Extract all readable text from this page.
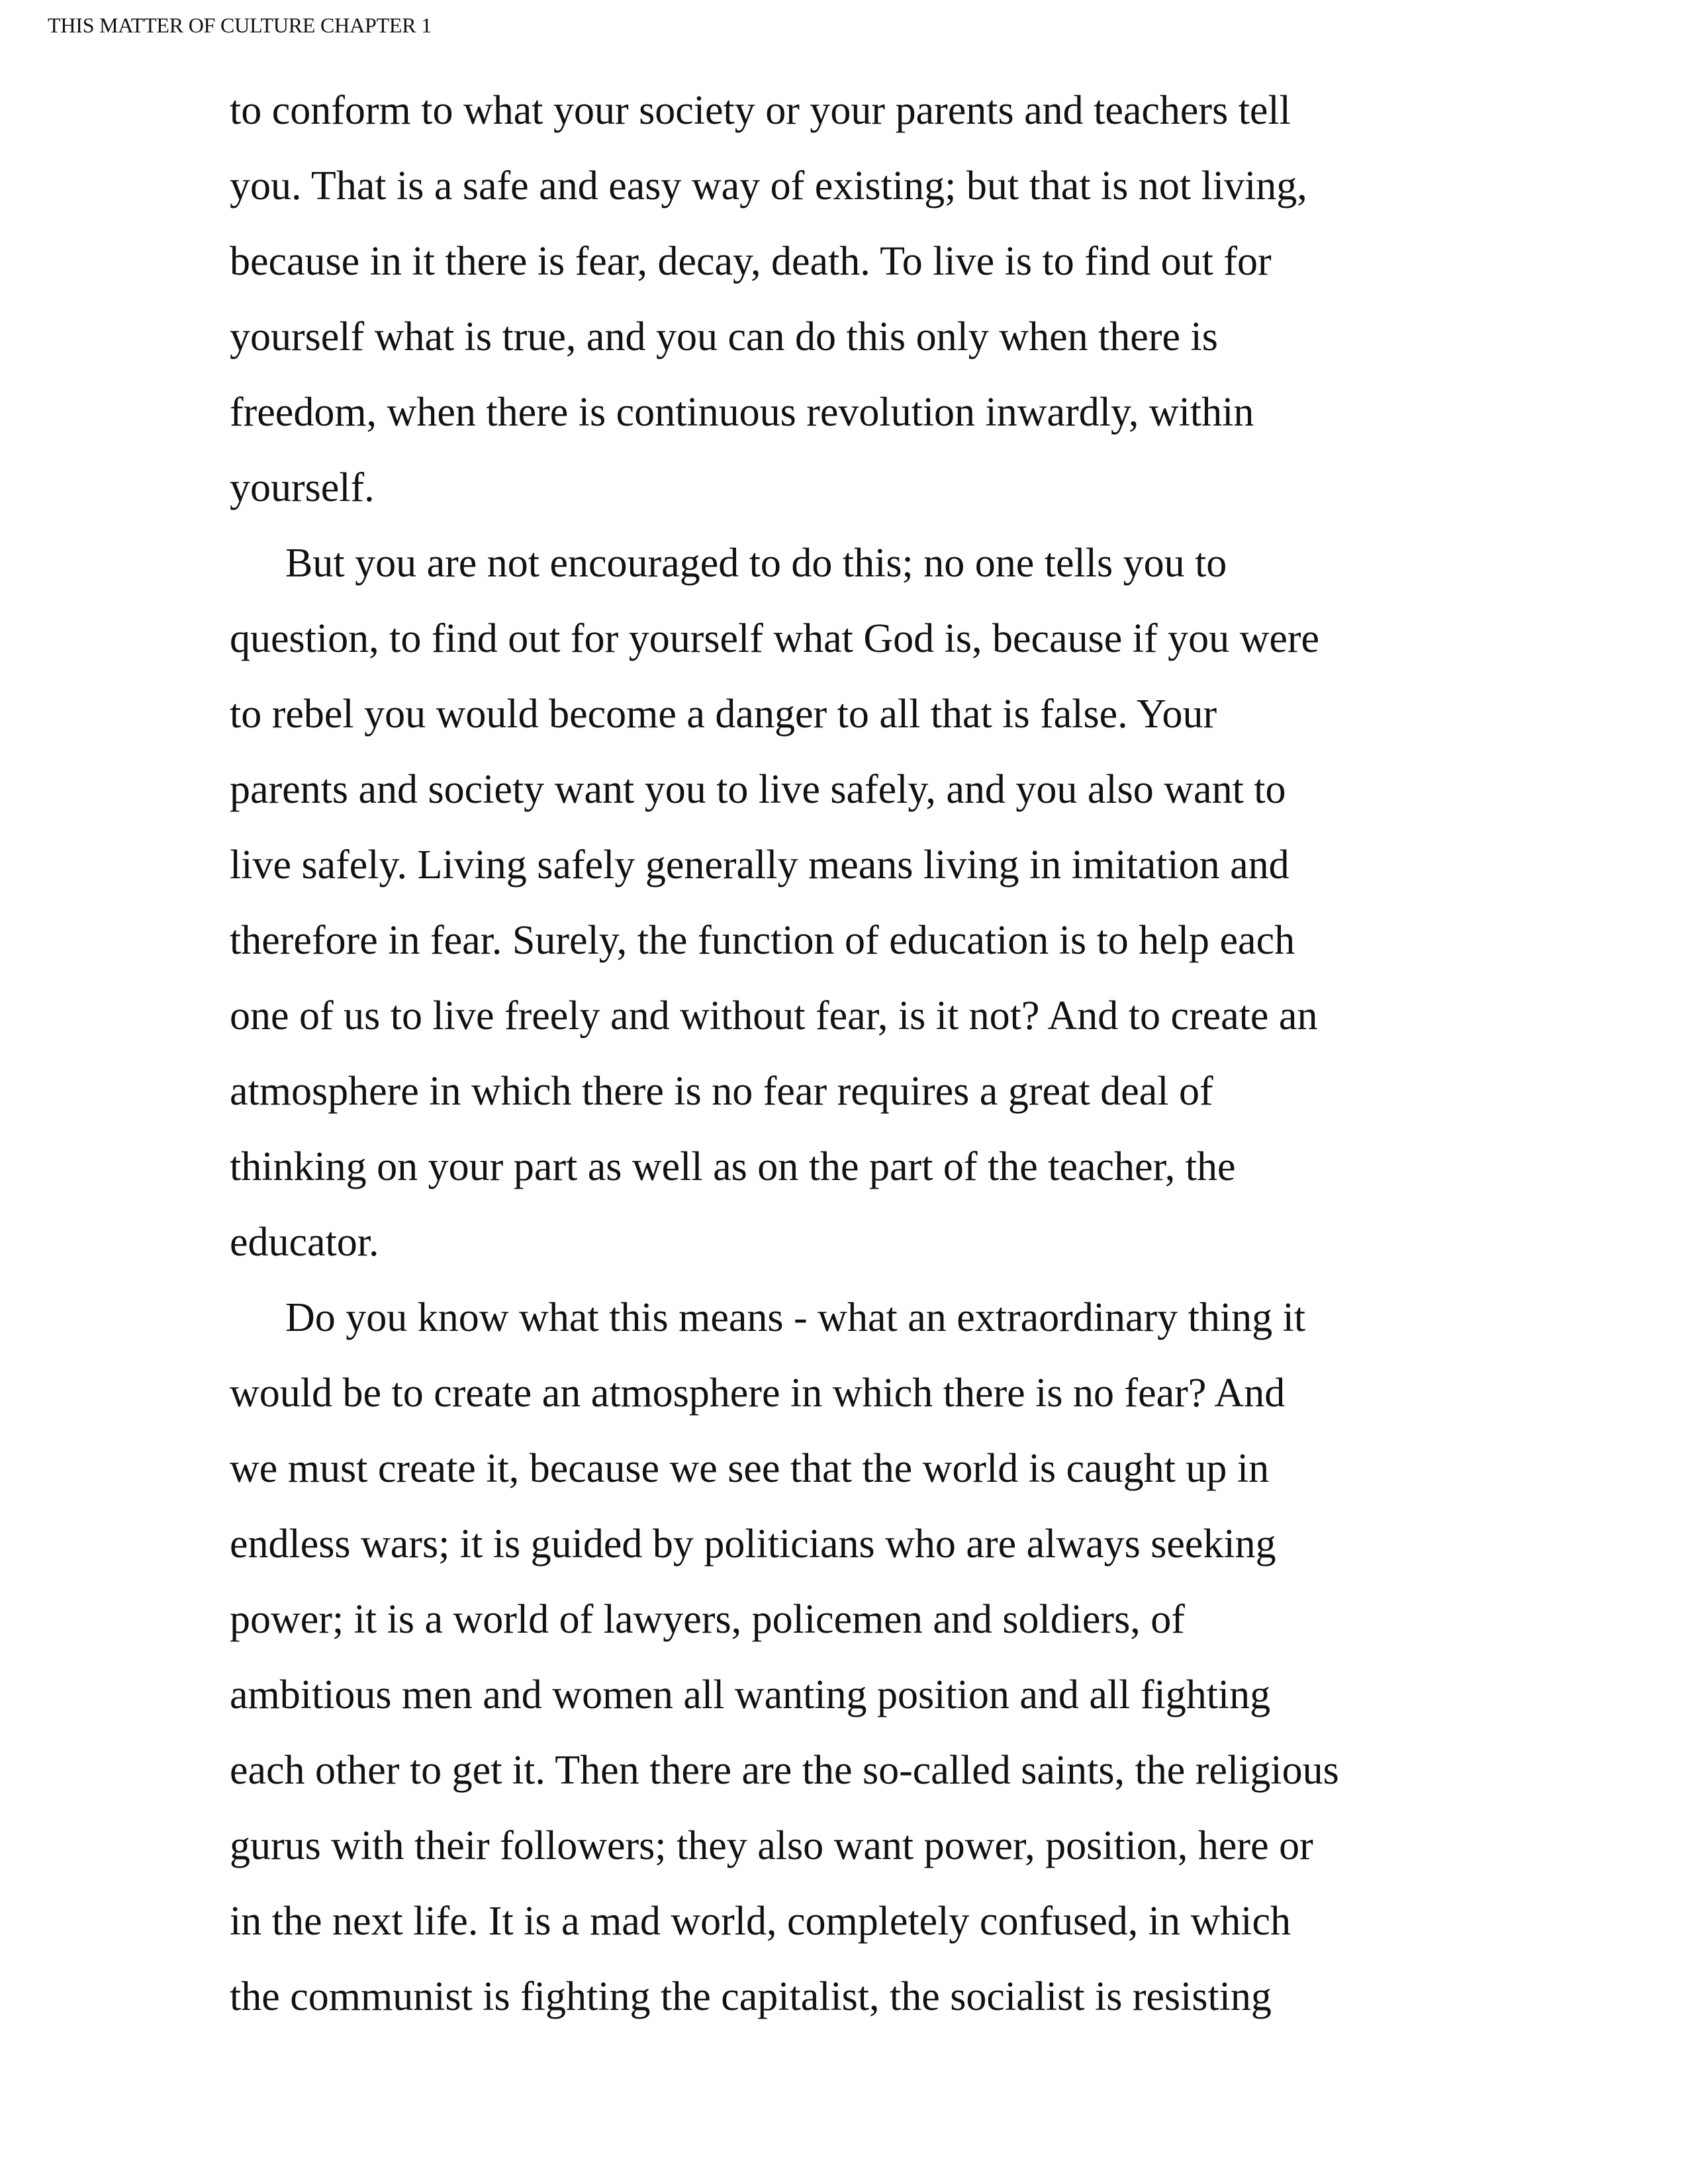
THIS MATTER OF CULTURE CHAPTER 1
to conform to what your society or your parents and teachers tell
you. That is a safe and easy way of existing; but that is not living,
because in it there is fear, decay, death. To live is to find out for
yourself what is true, and you can do this only when there is
freedom, when there is continuous revolution inwardly, within
yourself.
But you are not encouraged to do this; no one tells you to
question, to find out for yourself what God is, because if you were
to rebel you would become a danger to all that is false. Your
parents and society want you to live safely, and you also want to
live safely. Living safely generally means living in imitation and
therefore in fear. Surely, the function of education is to help each
one of us to live freely and without fear, is it not? And to create an
atmosphere in which there is no fear requires a great deal of
thinking on your part as well as on the part of the teacher, the
educator.
Do you know what this means - what an extraordinary thing it
would be to create an atmosphere in which there is no fear? And
we must create it, because we see that the world is caught up in
endless wars; it is guided by politicians who are always seeking
power; it is a world of lawyers, policemen and soldiers, of
ambitious men and women all wanting position and all fighting
each other to get it. Then there are the so-called saints, the religious
gurus with their followers; they also want power, position, here or
in the next life. It is a mad world, completely confused, in which
the communist is fighting the capitalist, the socialist is resisting
